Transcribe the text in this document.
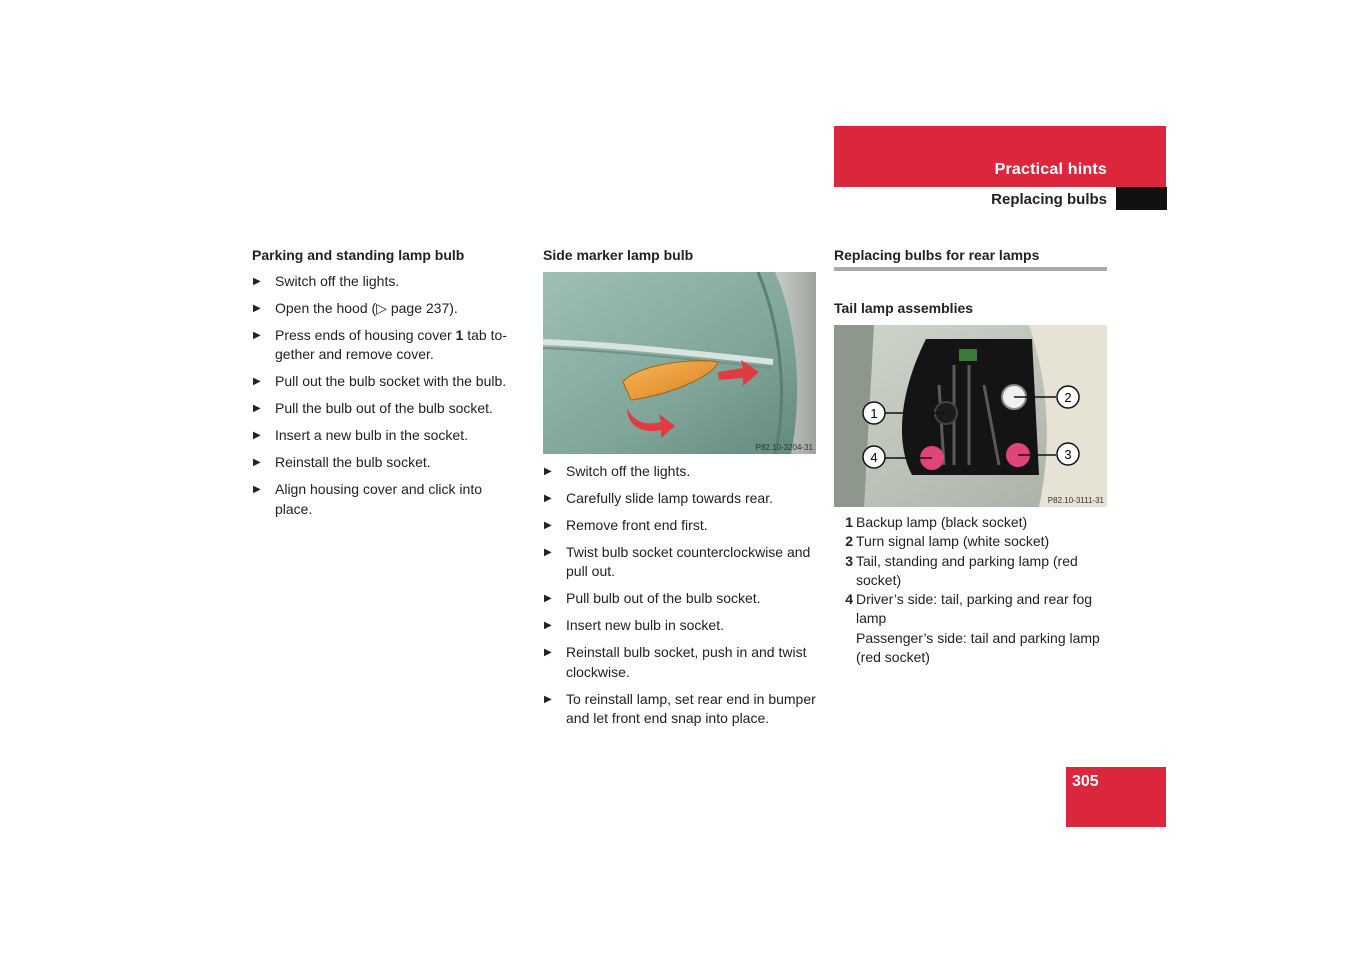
Practical hints
Replacing bulbs
Parking and standing lamp bulb
▶ Switch off the lights.
▶ Open the hood (▷ page 237).
▶ Press ends of housing cover 1 tab to-gether and remove cover.
▶ Pull out the bulb socket with the bulb.
▶ Pull the bulb out of the bulb socket.
▶ Insert a new bulb in the socket.
▶ Reinstall the bulb socket.
▶ Align housing cover and click into place.
Side marker lamp bulb
P82.10-3204-31
▶ Switch off the lights.
▶ Carefully slide lamp towards rear.
▶ Remove front end first.
▶ Twist bulb socket counterclockwise and pull out.
▶ Pull bulb out of the bulb socket.
▶ Insert new bulb in socket.
▶ Reinstall bulb socket, push in and twist clockwise.
▶ To reinstall lamp, set rear end in bumper and let front end snap into place.
Replacing bulbs for rear lamps
Tail lamp assemblies
1
2
3
4
P82.10-3111-31
1 Backup lamp (black socket)
2 Turn signal lamp (white socket)
3 Tail, standing and parking lamp (red socket)
4 Driver’s side: tail, parking and rear fog lamp
Passenger’s side: tail and parking lamp (red socket)
305
